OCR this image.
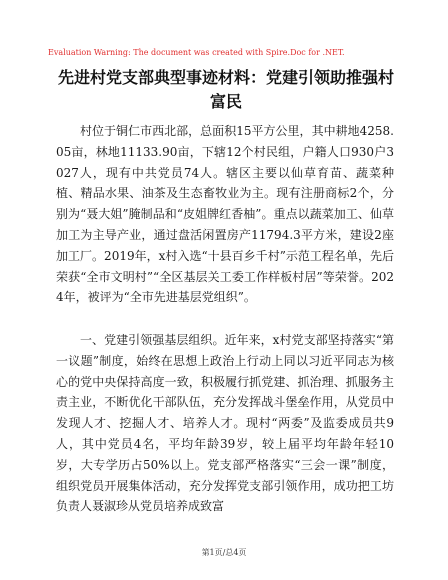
Evaluation Warning: The document was created with Spire.Doc for .NET.
先进村党支部典型事迹材料：党建引领助推强村富民

村位于铜仁市西北部，总面积15平方公里，其中耕地4258.05亩，林地11133.90亩，下辖12个村民组，户籍人口930户3027人，现有中共党员74人。辖区主要以仙草育苗、蔬菜种植、精品水果、油茶及生态畜牧业为主。现有注册商标2个，分别为“聂大姐”腌制品和“皮姐牌红香柚”。重点以蔬菜加工、仙草加工为主导产业，通过盘活闲置房产11794.3平方米，建设2座加工厂。2019年，x村入选“十县百乡千村”示范工程名单，先后荣获“全市文明村”“全区基层关工委工作样板村居”等荣誉。2024年，被评为“全市先进基层党组织”。

一、党建引领强基层组织。近年来，x村党支部坚持落实“第一议题”制度，始终在思想上政治上行动上同以习近平同志为核心的党中央保持高度一致，积极履行抓党建、抓治理、抓服务主责主业，不断优化干部队伍，充分发挥战斗堡垒作用，从党员中发现人才、挖掘人才、培养人才。现村“两委”及监委成员共9人，其中党员4名，平均年龄39岁，较上届平均年龄年轻10岁，大专学历占50%以上。党支部严格落实“三会一课”制度，组织党员开展集体活动，充分发挥党支部引领作用，成功把工坊负责人聂淑珍从党员培养成致富

第1页/总4页
